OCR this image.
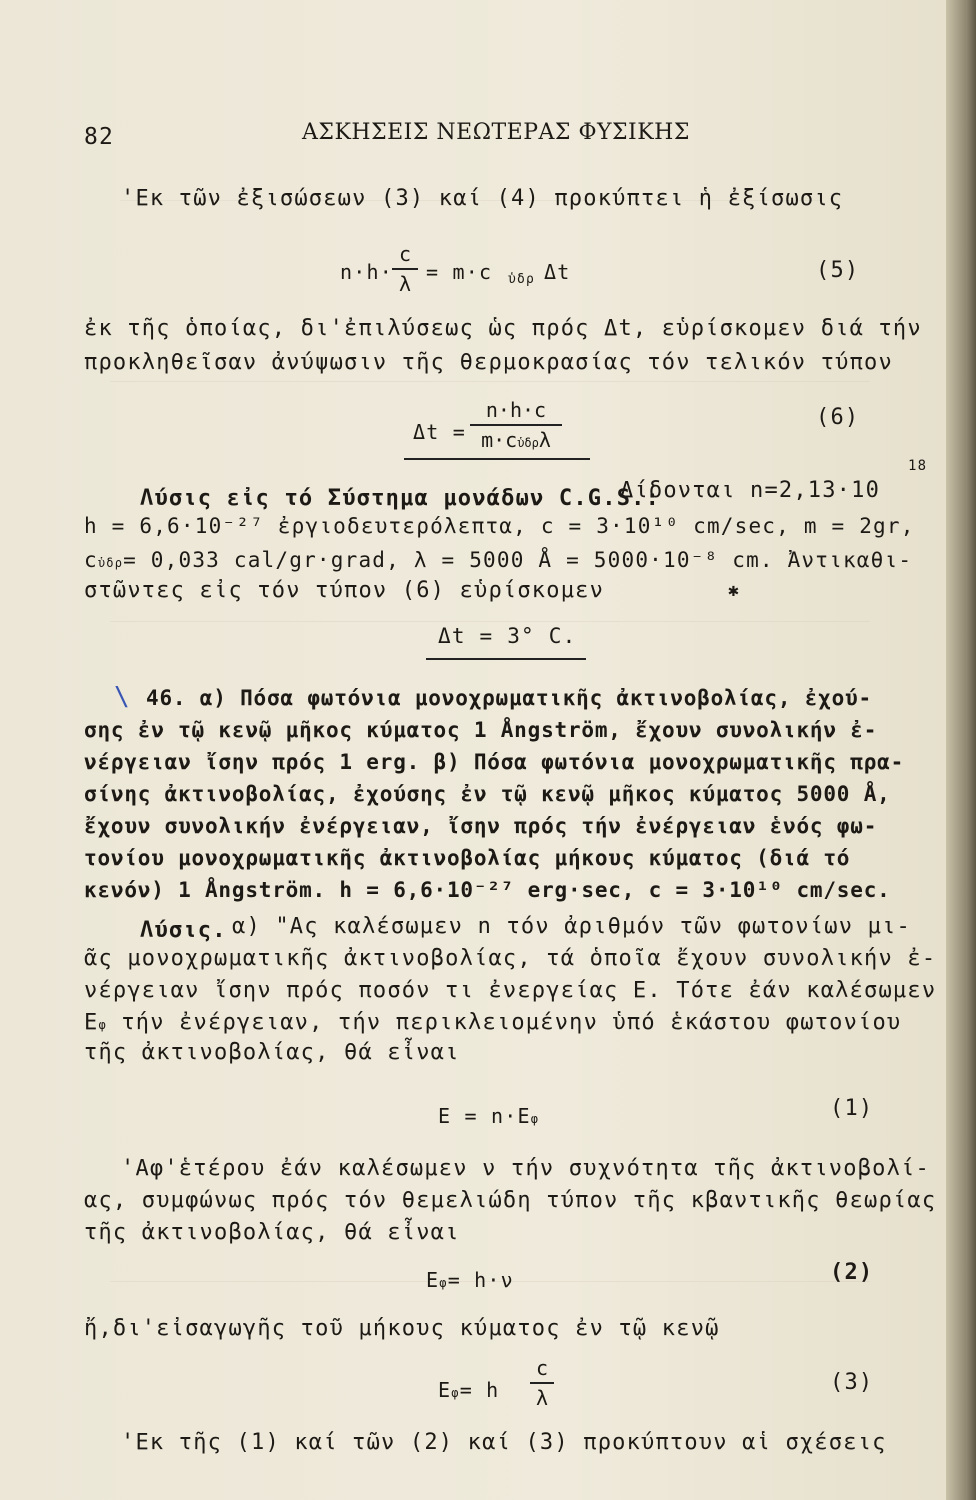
82	ΑΣΚΗΣΕΙΣ ΝΕΩΤΕΡΑΣ ΦΥΣΙΚΗΣ
'Εκ τῶν ἐξισώσεων (3) καί (4) προκύπτει ἡ ἐξίσωσις
$n\cdot h\cdot \frac{c}{\lambda} = m\cdot c$ ὑδρ Δt	(5)
ἐκ τῆς ὁποίας, δι'ἐπιλύσεως ὡς πρός Δt, εὑρίσκομεν διά τήν
προκληθεῖσαν ἀνύψωσιν τῆς θερμοκρασίας τόν τελικόν τύπον
Δt =
n·h·c
m·cὑδρλ
(6)
Λύσις εἰς τό Σύστημα μονάδων C.G.S.:
Δίδονται n=2,13·10
18
h = 6,6·10⁻²⁷ ἐργιοδευτερόλεπτα, c = 3·10¹⁰ cm/sec, m = 2gr,
cὑδρ= 0,033 cal/gr·grad, λ = 5000 Å = 5000·10⁻⁸ cm. Ἀντικαθι-
στῶντες εἰς τόν τύπον (6) εὑρίσκομεν	✱
Δt = 3° C.
\ 46. α) Πόσα φωτόνια μονοχρωματικῆς ἀκτινοβολίας, ἐχού-
σης ἐν τῷ κενῷ μῆκος κύματος 1 Ångström, ἔχουν συνολικήν ἐ-
νέργειαν ἴσην πρός 1 erg. β) Πόσα φωτόνια μονοχρωματικῆς πρα-
σίνης ἀκτινοβολίας, ἐχούσης ἐν τῷ κενῷ μῆκος κύματος 5000 Å,
ἔχουν συνολικήν ἐνέργειαν, ἴσην πρός τήν ἐνέργειαν ἑνός φω-
τονίου μονοχρωματικῆς ἀκτινοβολίας μήκους κύματος (διά τό
κενόν) 1 Ångström. h = 6,6·10⁻²⁷ erg·sec, c = 3·10¹⁰ cm/sec.
Λύσις. α) "Ας καλέσωμεν n τόν ἀριθμόν τῶν φωτονίων μι-
ᾶς μονοχρωματικῆς ἀκτινοβολίας, τά ὁποῖα ἔχουν συνολικήν ἐ-
νέργειαν ἴσην πρός ποσόν τι ἐνεργείας Ε. Τότε ἐάν καλέσωμεν
Εφ τήν ἐνέργειαν, τήν περικλειομένην ὑπό ἑκάστου φωτονίου
τῆς ἀκτινοβολίας, θά εἶναι
E = n·Eφ	(1)
'Αφ'ἑτέρου ἐάν καλέσωμεν ν τήν συχνότητα τῆς ἀκτινοβολί-
ας, συμφώνως πρός τόν θεμελιώδη τύπον τῆς κβαντικῆς θεωρίας
τῆς ἀκτινοβολίας, θά εἶναι
Eφ= h·ν	(2)
ἤ,δι'εἰσαγωγῆς τοῦ μήκους κύματος ἐν τῷ κενῷ
Eφ= h $\frac{c}{\lambda}$	(3)
'Εκ τῆς (1) καί τῶν (2) καί (3) προκύπτουν αἱ σχέσεις
